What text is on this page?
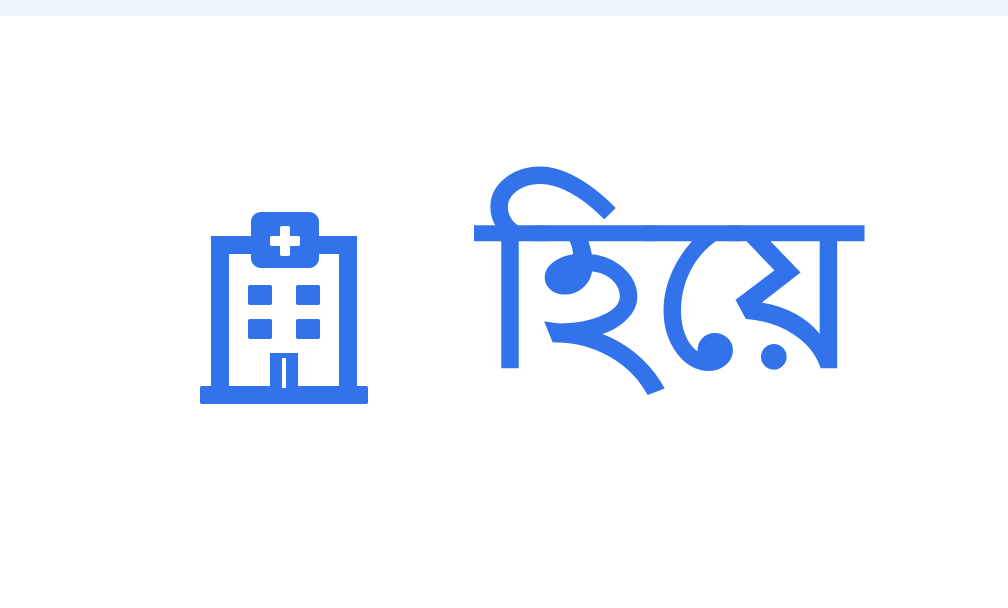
হিয়ে
